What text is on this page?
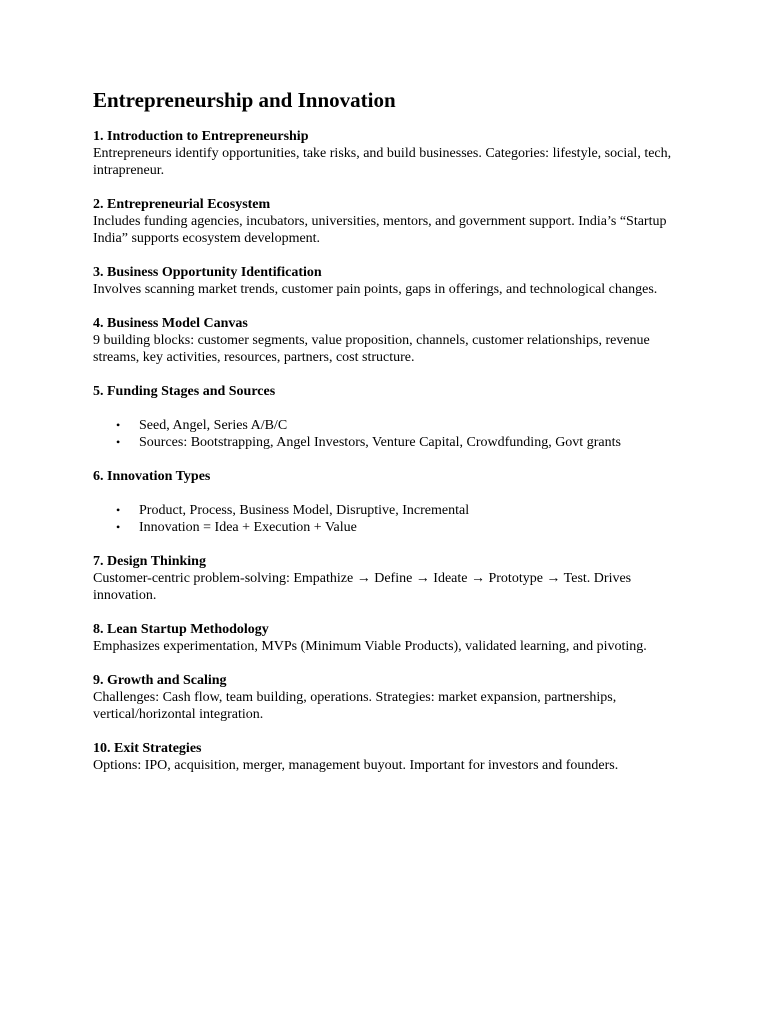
Entrepreneurship and Innovation

1. Introduction to Entrepreneurship

Entrepreneurs identify opportunities, take risks, and build businesses. Categories: lifestyle, social, tech, intrapreneur.

2. Entrepreneurial Ecosystem

Includes funding agencies, incubators, universities, mentors, and government support. India’s “Startup India” supports ecosystem development.

3. Business Opportunity Identification

Involves scanning market trends, customer pain points, gaps in offerings, and technological changes.

4. Business Model Canvas

9 building blocks: customer segments, value proposition, channels, customer relationships, revenue streams, key activities, resources, partners, cost structure.

5. Funding Stages and Sources

• Seed, Angel, Series A/B/C
• Sources: Bootstrapping, Angel Investors, Venture Capital, Crowdfunding, Govt grants

6. Innovation Types

• Product, Process, Business Model, Disruptive, Incremental
• Innovation = Idea + Execution + Value

7. Design Thinking

Customer-centric problem-solving: Empathize → Define → Ideate → Prototype → Test. Drives innovation.

8. Lean Startup Methodology

Emphasizes experimentation, MVPs (Minimum Viable Products), validated learning, and pivoting.

9. Growth and Scaling

Challenges: Cash flow, team building, operations. Strategies: market expansion, partnerships, vertical/horizontal integration.

10. Exit Strategies

Options: IPO, acquisition, merger, management buyout. Important for investors and founders.
